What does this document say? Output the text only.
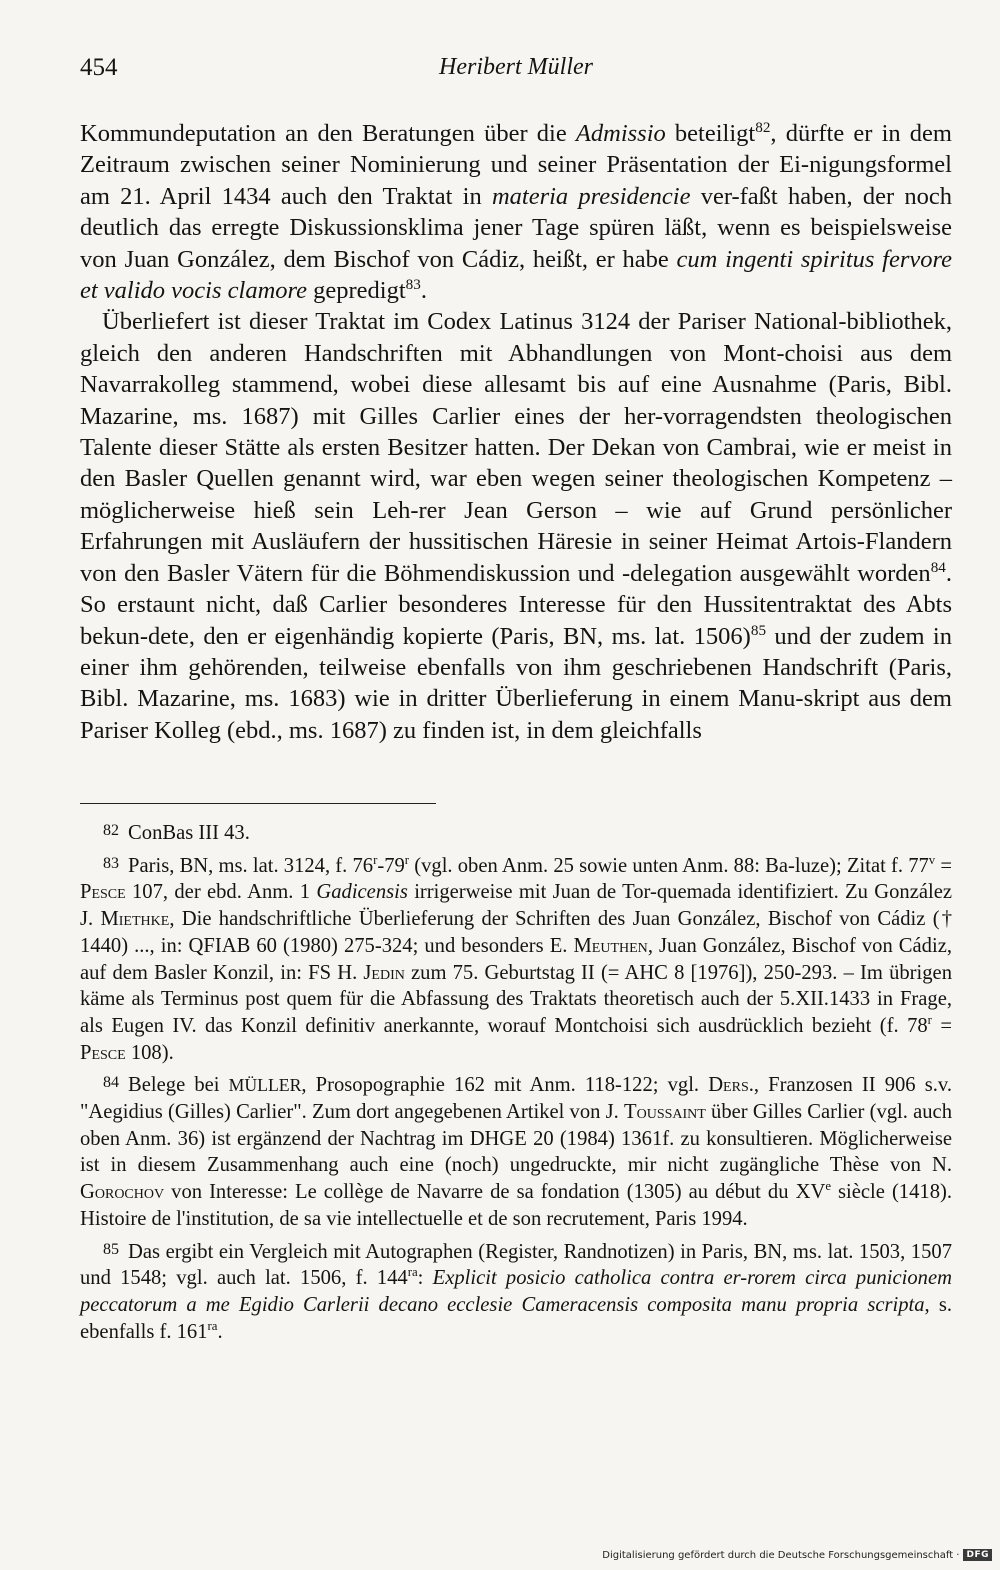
454	Heribert Müller

Kommundeputation an den Beratungen über die Admissio beteiligt$^{82}$, dürfte er in dem Zeitraum zwischen seiner Nominierung und seiner Präsentation der Ei-nigungsformel am 21. April 1434 auch den Traktat in materia presidencie ver-faßt haben, der noch deutlich das erregte Diskussionsklima jener Tage spüren läßt, wenn es beispielsweise von Juan González, dem Bischof von Cádiz, heißt, er habe cum ingenti spiritus fervore et valido vocis clamore gepredigt$^{83}$.

Überliefert ist dieser Traktat im Codex Latinus 3124 der Pariser National-bibliothek, gleich den anderen Handschriften mit Abhandlungen von Mont-choisi aus dem Navarrakolleg stammend, wobei diese allesamt bis auf eine Ausnahme (Paris, Bibl. Mazarine, ms. 1687) mit Gilles Carlier eines der her-vorragendsten theologischen Talente dieser Stätte als ersten Besitzer hatten. Der Dekan von Cambrai, wie er meist in den Basler Quellen genannt wird, war eben wegen seiner theologischen Kompetenz – möglicherweise hieß sein Leh-rer Jean Gerson – wie auf Grund persönlicher Erfahrungen mit Ausläufern der hussitischen Häresie in seiner Heimat Artois-Flandern von den Basler Vätern für die Böhmendiskussion und -delegation ausgewählt worden$^{84}$. So erstaunt nicht, daß Carlier besonderes Interesse für den Hussitentraktat des Abts bekun-dete, den er eigenhändig kopierte (Paris, BN, ms. lat. 1506)$^{85}$ und der zudem in einer ihm gehörenden, teilweise ebenfalls von ihm geschriebenen Handschrift (Paris, Bibl. Mazarine, ms. 1683) wie in dritter Überlieferung in einem Manu-skript aus dem Pariser Kolleg (ebd., ms. 1687) zu finden ist, in dem gleichfalls

82 ConBas III 43.

83 Paris, BN, ms. lat. 3124, f. 76$^r$-79$^r$ (vgl. oben Anm. 25 sowie unten Anm. 88: Ba-luze); Zitat f. $77^v$ = Pesce 107, der ebd. Anm. 1 Gadicensis irrigerweise mit Juan de Tor-quemada identifiziert. Zu González J. Miethke, Die handschriftliche Überlieferung der Schriften des Juan González, Bischof von Cádiz († 1440) ..., in: QFIAB 60 (1980) 275-324; und besonders E. Meuthen, Juan González, Bischof von Cádiz, auf dem Basler Konzil, in: FS H. Jedin zum 75. Geburtstag II (= AHC 8 [1976]), 250-293. – Im übrigen käme als Terminus post quem für die Abfassung des Traktats theoretisch auch der 5.XII.1433 in Frage, als Eugen IV. das Konzil definitiv anerkannte, worauf Montchoisi sich ausdrücklich bezieht (f. $78^r$ = Pesce 108).

84 Belege bei MÜLLER, Prosopographie 162 mit Anm. 118-122; vgl. Ders., Franzosen II 906 s.v. "Aegidius (Gilles) Carlier". Zum dort angegebenen Artikel von J. Toussaint über Gilles Carlier (vgl. auch oben Anm. 36) ist ergänzend der Nachtrag im DHGE 20 (1984) 1361f. zu konsultieren. Möglicherweise ist in diesem Zusammenhang auch eine (noch) ungedruckte, mir nicht zugängliche Thèse von N. Gorochov von Interesse: Le collège de Navarre de sa fondation (1305) au début du XVe siècle (1418). Histoire de l'institution, de sa vie intellectuelle et de son recrutement, Paris 1994.

85 Das ergibt ein Vergleich mit Autographen (Register, Randnotizen) in Paris, BN, ms. lat. 1503, 1507 und 1548; vgl. auch lat. 1506, f. $144^{ra}$: Explicit posicio catholica contra er-rorem circa punicionem peccatorum a me Egidio Carlerii decano ecclesie Cameracensis composita manu propria scripta, s. ebenfalls f. $161^{ra}$.

Digitalisierung gefördert durch die Deutsche Forschungsgemeinschaft · DFG
